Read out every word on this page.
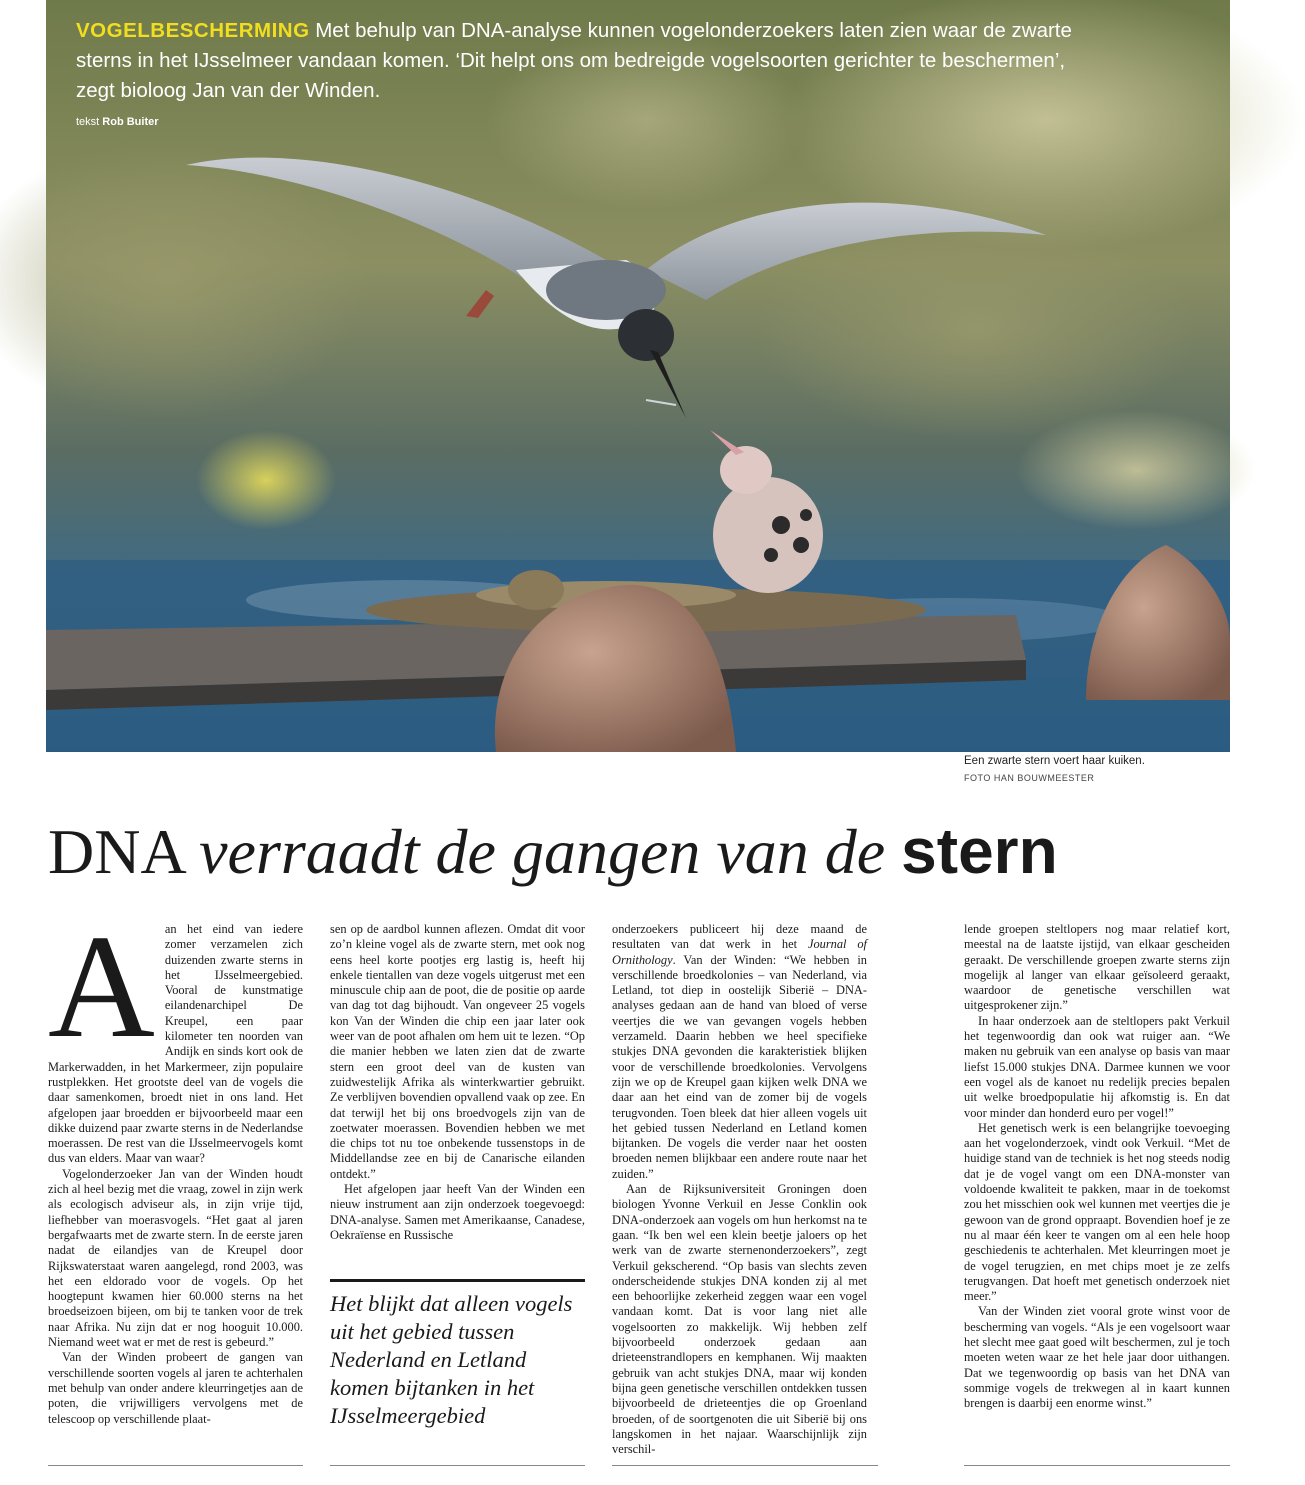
VOGELBESCHERMING Met behulp van DNA-analyse kunnen vogelonderzoekers laten zien waar de zwarte sterns in het IJsselmeer vandaan komen. ‘Dit helpt ons om bedreigde vogelsoorten gerichter te beschermen’, zegt bioloog Jan van der Winden.
tekst Rob Buiter
Een zwarte stern voert haar kuiken.
FOTO HAN BOUWMEESTER
DNA verraadt de gangen van de stern

Aan het eind van iedere zomer verzamelen zich duizenden zwarte sterns in het IJsselmeergebied. Vooral de kunstmatige eilandenarchipel De Kreupel, een paar kilometer ten noorden van Andijk en sinds kort ook de Markerwadden, in het Markermeer, zijn populaire rustplekken. Het grootste deel van de vogels die daar samenkomen, broedt niet in ons land. Het afgelopen jaar broedden er bijvoorbeeld maar een dikke duizend paar zwarte sterns in de Nederlandse moerassen. De rest van die IJsselmeervogels komt dus van elders. Maar van waar?

Vogelonderzoeker Jan van der Winden houdt zich al heel bezig met die vraag, zowel in zijn werk als ecologisch adviseur als, in zijn vrije tijd, liefhebber van moerasvogels. “Het gaat al jaren bergafwaarts met de zwarte stern. In de eerste jaren nadat de eilandjes van de Kreupel door Rijkswaterstaat waren aangelegd, rond 2003, was het een eldorado voor de vogels. Op het hoogtepunt kwamen hier 60.000 sterns na het broedseizoen bijeen, om bij te tanken voor de trek naar Afrika. Nu zijn dat er nog hooguit 10.000. Niemand weet wat er met de rest is gebeurd.”

Van der Winden probeert de gangen van verschillende soorten vogels al jaren te achterhalen met behulp van onder andere kleurringetjes aan de poten, die vrijwilligers vervolgens met de telescoop op verschillende plaat-

sen op de aardbol kunnen aflezen. Omdat dit voor zo’n kleine vogel als de zwarte stern, met ook nog eens heel korte pootjes erg lastig is, heeft hij enkele tientallen van deze vogels uitgerust met een minuscule chip aan de poot, die de positie op aarde van dag tot dag bijhoudt. Van ongeveer 25 vogels kon Van der Winden die chip een jaar later ook weer van de poot afhalen om hem uit te lezen. “Op die manier hebben we laten zien dat de zwarte stern een groot deel van de kusten van zuidwestelijk Afrika als winterkwartier gebruikt. Ze verblijven bovendien opvallend vaak op zee. En dat terwijl het bij ons broedvogels zijn van de zoetwater moerassen. Bovendien hebben we met die chips tot nu toe onbekende tussenstops in de Middellandse zee en bij de Canarische eilanden ontdekt.”

Het afgelopen jaar heeft Van der Winden een nieuw instrument aan zijn onderzoek toegevoegd: DNA-analyse. Samen met Amerikaanse, Canadese, Oekraïense en Russische

Het blijkt dat alleen vogels uit het gebied tussen Nederland en Letland komen bijtanken in het IJsselmeergebied

onderzoekers publiceert hij deze maand de resultaten van dat werk in het Journal of Ornithology. Van der Winden: “We hebben in verschillende broedkolonies – van Nederland, via Letland, tot diep in oostelijk Siberië – DNA-analyses gedaan aan de hand van bloed of verse veertjes die we van gevangen vogels hebben verzameld. Daarin hebben we heel specifieke stukjes DNA gevonden die karakteristiek blijken voor de verschillende broedkolonies. Vervolgens zijn we op de Kreupel gaan kijken welk DNA we daar aan het eind van de zomer bij de vogels terugvonden. Toen bleek dat hier alleen vogels uit het gebied tussen Nederland en Letland komen bijtanken. De vogels die verder naar het oosten broeden nemen blijkbaar een andere route naar het zuiden.”

Aan de Rijksuniversiteit Groningen doen biologen Yvonne Verkuil en Jesse Conklin ook DNA-onderzoek aan vogels om hun herkomst na te gaan. “Ik ben wel een klein beetje jaloers op het werk van de zwarte sternenonderzoekers”, zegt Verkuil gekscherend. “Op basis van slechts zeven onderscheidende stukjes DNA konden zij al met een behoorlijke zekerheid zeggen waar een vogel vandaan komt. Dat is voor lang niet alle vogelsoorten zo makkelijk. Wij hebben zelf bijvoorbeeld onderzoek gedaan aan drieteenstrandlopers en kemphanen. Wij maakten gebruik van acht stukjes DNA, maar wij konden bijna geen genetische verschillen ontdekken tussen bijvoorbeeld de drieteentjes die op Groenland broeden, of de soortgenoten die uit Siberië bij ons langskomen in het najaar. Waarschijnlijk zijn verschil-

lende groepen steltlopers nog maar relatief kort, meestal na de laatste ijstijd, van elkaar gescheiden geraakt. De verschillende groepen zwarte sterns zijn mogelijk al langer van elkaar geïsoleerd geraakt, waardoor de genetische verschillen wat uitgesprokener zijn.”

In haar onderzoek aan de steltlopers pakt Verkuil het tegenwoordig dan ook wat ruiger aan. “We maken nu gebruik van een analyse op basis van maar liefst 15.000 stukjes DNA. Darmee kunnen we voor een vogel als de kanoet nu redelijk precies bepalen uit welke broedpopulatie hij afkomstig is. En dat voor minder dan honderd euro per vogel!”

Het genetisch werk is een belangrijke toevoeging aan het vogelonderzoek, vindt ook Verkuil. “Met de huidige stand van de techniek is het nog steeds nodig dat je de vogel vangt om een DNA-monster van voldoende kwaliteit te pakken, maar in de toekomst zou het misschien ook wel kunnen met veertjes die je gewoon van de grond oppraapt. Bovendien hoef je ze nu al maar één keer te vangen om al een hele hoop geschiedenis te achterhalen. Met kleurringen moet je de vogel terugzien, en met chips moet je ze zelfs terugvangen. Dat hoeft met genetisch onderzoek niet meer.”

Van der Winden ziet vooral grote winst voor de bescherming van vogels. “Als je een vogelsoort waar het slecht mee gaat goed wilt beschermen, zul je toch moeten weten waar ze het hele jaar door uithangen. Dat we tegenwoordig op basis van het DNA van sommige vogels de trekwegen al in kaart kunnen brengen is daarbij een enorme winst.”
